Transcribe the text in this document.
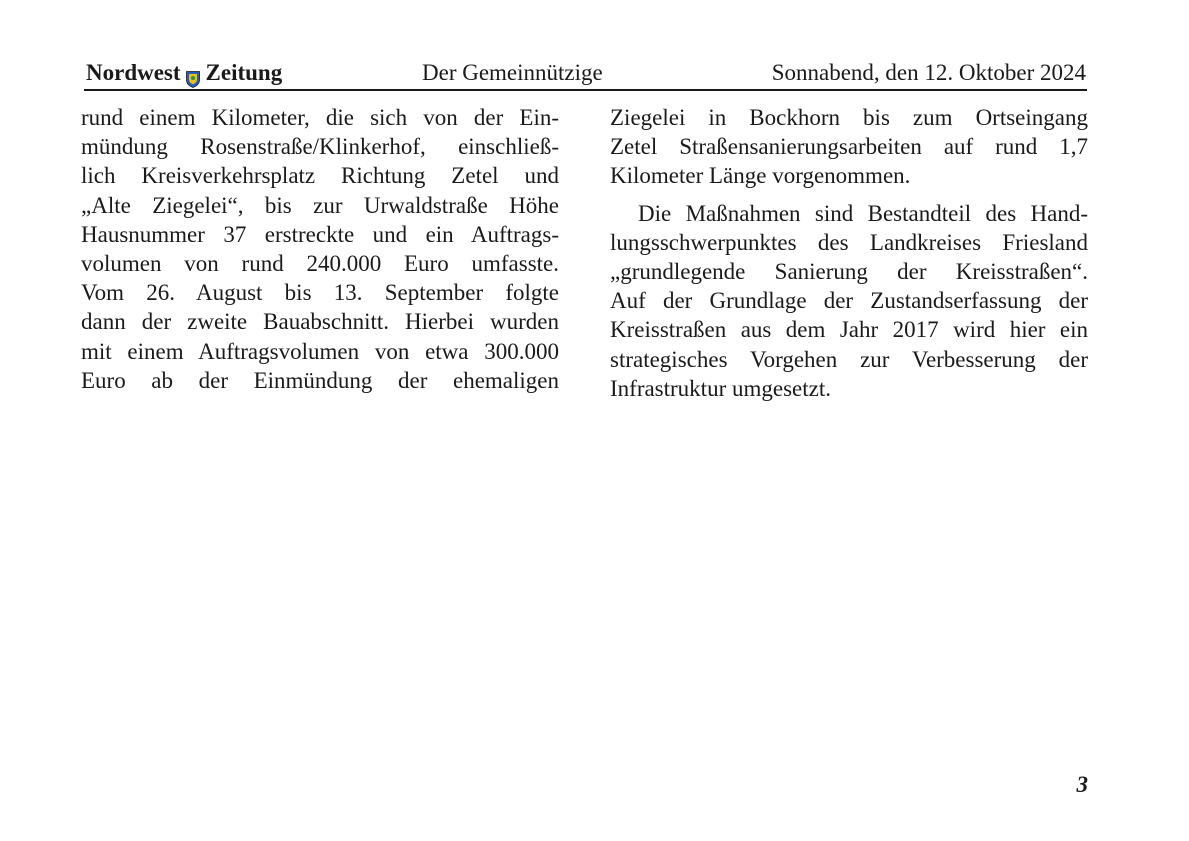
Nordwest Zeitung	Der Gemeinnützige	Sonnabend, den 12. Oktober 2024
rund einem Kilometer, die sich von der Ein-
mündung Rosenstraße/Klinkerhof, einschließ-
lich Kreisverkehrsplatz Richtung Zetel und
„Alte Ziegelei“, bis zur Urwaldstraße Höhe
Hausnummer 37 erstreckte und ein Auftrags-
volumen von rund 240.000 Euro umfasste.
Vom 26. August bis 13. September folgte
dann der zweite Bauabschnitt. Hierbei wurden
mit einem Auftragsvolumen von etwa 300.000
Euro ab der Einmündung der ehemaligen
Ziegelei in Bockhorn bis zum Ortseingang
Zetel Straßensanierungsarbeiten auf rund 1,7
Kilometer Länge vorgenommen.
Die Maßnahmen sind Bestandteil des Hand-
lungsschwerpunktes des Landkreises Friesland
„grundlegende Sanierung der Kreisstraßen“.
Auf der Grundlage der Zustandserfassung der
Kreisstraßen aus dem Jahr 2017 wird hier ein
strategisches Vorgehen zur Verbesserung der
Infrastruktur umgesetzt.
3
